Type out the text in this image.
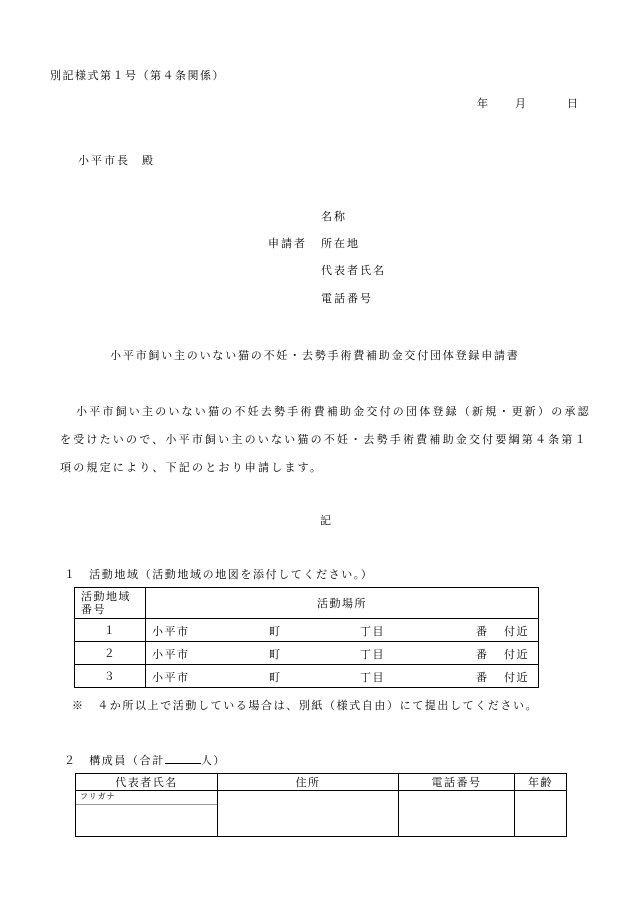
別記様式第１号（第４条関係）
年 月	日
小平市長 殿
名称
申請者 所在地
代表者氏名
電話番号
小平市飼い主のいない猫の不妊・去勢手術費補助金交付団体登録申請書
小平市飼い主のいない猫の不妊去勢手術費補助金交付の団体登録（新規・更新）の承認
を受けたいので、小平市飼い主のいない猫の不妊・去勢手術費補助金交付要綱第４条第１
項の規定により、下記のとおり申請します。
記
１　活動地域（活動地域の地図を添付してください。）
活動地域
番号	活動場所
１	小平市 町 丁目 番 付近

２	小平市 町 丁目 番 付近

３	小平市 町 丁目 番 付近
※　４か所以上で活動している場合は、別紙（様式自由）にて提出してください。
２　構成員（合計	人）
代表者氏名	住所	電話番号	年齢

フリガナ			
